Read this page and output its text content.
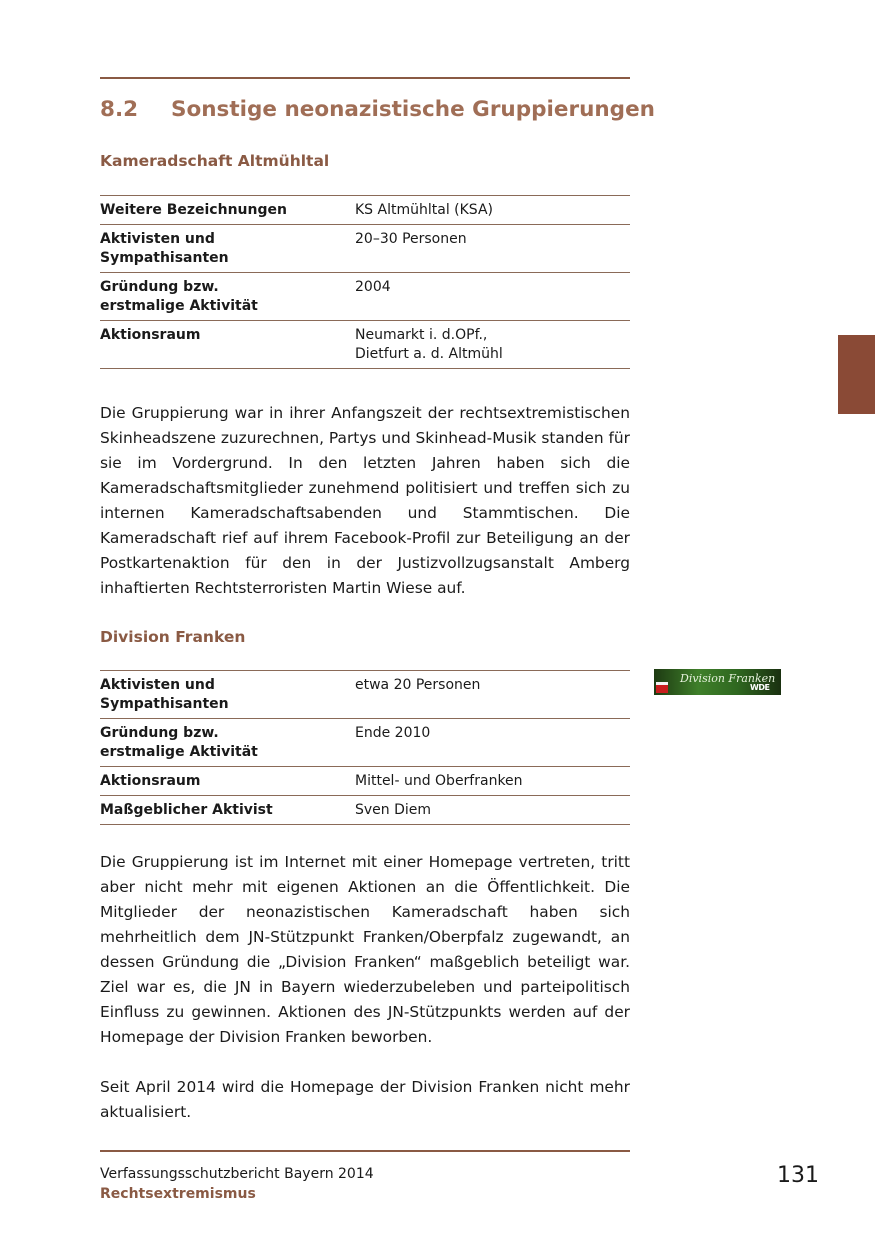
8.2 Sonstige neonazistische Gruppierungen
Kameradschaft Altmühltal
Weitere Bezeichnungen	KS Altmühltal (KSA)
Aktivisten und
Sympathisanten	20–30 Personen
Gründung bzw.
erstmalige Aktivität	2004
Aktionsraum	Neumarkt i. d.OPf.,
Dietfurt a. d. Altmühl

Die Gruppierung war in ihrer Anfangszeit der rechtsextremistischen Skinheadszene zuzurechnen, Partys und Skinhead-Musik standen für sie im Vordergrund. In den letzten Jahren haben sich die Kameradschaftsmitglieder zunehmend politisiert und treffen sich zu internen Kameradschaftsabenden und Stammtischen. Die Kameradschaft rief auf ihrem Facebook-Profil zur Beteiligung an der Postkartenaktion für den in der Justizvollzugsanstalt Amberg inhaftierten Rechtsterroristen Martin Wiese auf.

Division Franken
Division Franken
WDE
Aktivisten und
Sympathisanten	etwa 20 Personen
Gründung bzw.
erstmalige Aktivität	Ende 2010
Aktionsraum	Mittel- und Oberfranken
Maßgeblicher Aktivist	Sven Diem

Die Gruppierung ist im Internet mit einer Homepage vertreten, tritt aber nicht mehr mit eigenen Aktionen an die Öffentlichkeit. Die Mitglieder der neonazistischen Kameradschaft haben sich mehrheitlich dem JN-Stützpunkt Franken/Oberpfalz zugewandt, an dessen Gründung die „Division Franken“ maßgeblich beteiligt war. Ziel war es, die JN in Bayern wiederzubeleben und parteipolitisch Einfluss zu gewinnen. Aktionen des JN-Stützpunkts werden auf der Homepage der Division Franken beworben.

Seit April 2014 wird die Homepage der Division Franken nicht mehr aktualisiert.

Verfassungsschutzbericht Bayern 2014
Rechtsextremismus
131
